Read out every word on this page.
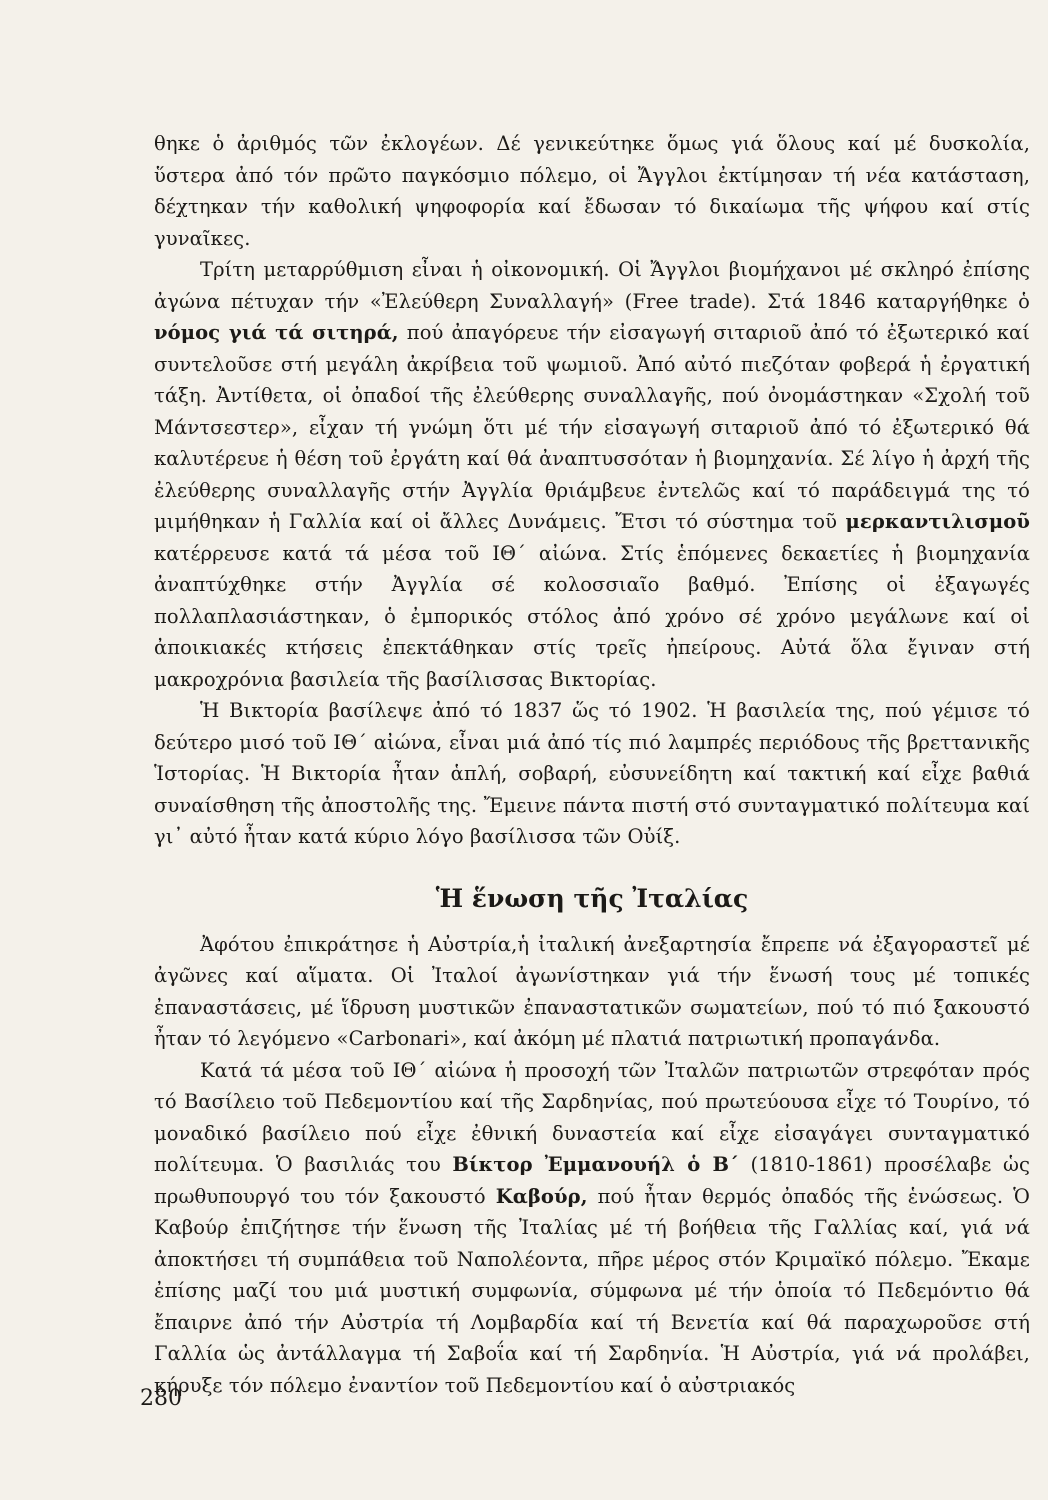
θηκε ὁ ἀριθμός τῶν ἐκλογέων. Δέ γενικεύτηκε ὅμως γιά ὅλους καί μέ δυσκολία, ὕστερα ἀπό τόν πρῶτο παγκόσμιο πόλεμο, οἱ Ἄγγλοι ἐκτίμησαν τή νέα κατάσταση, δέχτηκαν τήν καθολική ψηφοφορία καί ἔδωσαν τό δικαίωμα τῆς ψήφου καί στίς γυναῖκες.

Τρίτη μεταρρύθμιση εἶναι ἡ οἰκονομική. Οἱ Ἄγγλοι βιομήχανοι μέ σκληρό ἐπίσης ἀγώνα πέτυχαν τήν «Ἐλεύθερη Συναλλαγή» (Free trade). Στά 1846 καταργήθηκε ὁ νόμος γιά τά σιτηρά, πού ἀπαγόρευε τήν εἰσαγωγή σιταριοῦ ἀπό τό ἐξωτερικό καί συντελοῦσε στή μεγάλη ἀκρίβεια τοῦ ψωμιοῦ. Ἀπό αὐτό πιεζόταν φοβερά ἡ ἐργατική τάξη. Ἀντίθετα, οἱ ὀπαδοί τῆς ἐλεύθερης συναλλαγῆς, πού ὀνομάστηκαν «Σχολή τοῦ Μάντσεστερ», εἶχαν τή γνώμη ὅτι μέ τήν εἰσαγωγή σιταριοῦ ἀπό τό ἐξωτερικό θά καλυτέρευε ἡ θέση τοῦ ἐργάτη καί θά ἀναπτυσσόταν ἡ βιομηχανία. Σέ λίγο ἡ ἀρχή τῆς ἐλεύθερης συναλλαγῆς στήν Ἀγγλία θριάμβευε ἐντελῶς καί τό παράδειγμά της τό μιμήθηκαν ἡ Γαλλία καί οἱ ἄλλες Δυνάμεις. Ἔτσι τό σύστημα τοῦ μερκαντιλισμοῦ κατέρρευσε κατά τά μέσα τοῦ ΙΘ΄ αἰώνα. Στίς ἑπόμενες δεκαετίες ἡ βιομηχανία ἀναπτύχθηκε στήν Ἀγγλία σέ κολοσσιαῖο βαθμό. Ἐπίσης οἱ ἐξαγωγές πολλαπλασιάστηκαν, ὁ ἐμπορικός στόλος ἀπό χρόνο σέ χρόνο μεγάλωνε καί οἱ ἀποικιακές κτήσεις ἐπεκτάθηκαν στίς τρεῖς ἠπείρους. Αὐτά ὅλα ἔγιναν στή μακροχρόνια βασιλεία τῆς βασίλισσας Βικτορίας.

Ἡ Βικτορία βασίλεψε ἀπό τό 1837 ὥς τό 1902. Ἡ βασιλεία της, πού γέμισε τό δεύτερο μισό τοῦ ΙΘ΄ αἰώνα, εἶναι μιά ἀπό τίς πιό λαμπρές περιόδους τῆς βρεττανικῆς Ἱστορίας. Ἡ Βικτορία ἦταν ἁπλή, σοβαρή, εὐσυνείδητη καί τακτική καί εἶχε βαθιά συναίσθηση τῆς ἀποστολῆς της. Ἔμεινε πάντα πιστή στό συνταγματικό πολίτευμα καί γι᾽ αὐτό ἦταν κατά κύριο λόγο βασίλισσα τῶν Οὐίξ.

Ἡ ἕνωση τῆς Ἰταλίας

Ἀφότου ἐπικράτησε ἡ Αὐστρία,ἡ ἰταλική ἀνεξαρτησία ἔπρεπε νά ἐξαγοραστεῖ μέ ἀγῶνες καί αἵματα. Οἱ Ἰταλοί ἀγωνίστηκαν γιά τήν ἕνωσή τους μέ τοπικές ἐπαναστάσεις, μέ ἵδρυση μυστικῶν ἐπαναστατικῶν σωματείων, πού τό πιό ξακουστό ἦταν τό λεγόμενο «Carbonari», καί ἀκόμη μέ πλατιά πατριωτική προπαγάνδα.

Κατά τά μέσα τοῦ ΙΘ΄ αἰώνα ἡ προσοχή τῶν Ἰταλῶν πατριωτῶν στρεφόταν πρός τό Βασίλειο τοῦ Πεδεμοντίου καί τῆς Σαρδηνίας, πού πρωτεύουσα εἶχε τό Τουρίνο, τό μοναδικό βασίλειο πού εἶχε ἐθνική δυναστεία καί εἶχε εἰσαγάγει συνταγματικό πολίτευμα. Ὁ βασιλιάς του Βίκτορ Ἐμμανουήλ ὁ Β΄ (1810-1861) προσέλαβε ὡς πρωθυπουργό του τόν ξακουστό Καβούρ, πού ἦταν θερμός ὀπαδός τῆς ἑνώσεως. Ὁ Καβούρ ἐπιζήτησε τήν ἕνωση τῆς Ἰταλίας μέ τή βοήθεια τῆς Γαλλίας καί, γιά νά ἀποκτήσει τή συμπάθεια τοῦ Ναπολέοντα, πῆρε μέρος στόν Κριμαϊκό πόλεμο. Ἔκαμε ἐπίσης μαζί του μιά μυστική συμφωνία, σύμφωνα μέ τήν ὁποία τό Πεδεμόντιο θά ἔπαιρνε ἀπό τήν Αὐστρία τή Λομβαρδία καί τή Βενετία καί θά παραχωροῦσε στή Γαλλία ὡς ἀντάλλαγμα τή Σαβοΐα καί τή Σαρδηνία. Ἡ Αὐστρία, γιά νά προλάβει, κήρυξε τόν πόλεμο ἐναντίον τοῦ Πεδεμοντίου καί ὁ αὐστριακός

280
